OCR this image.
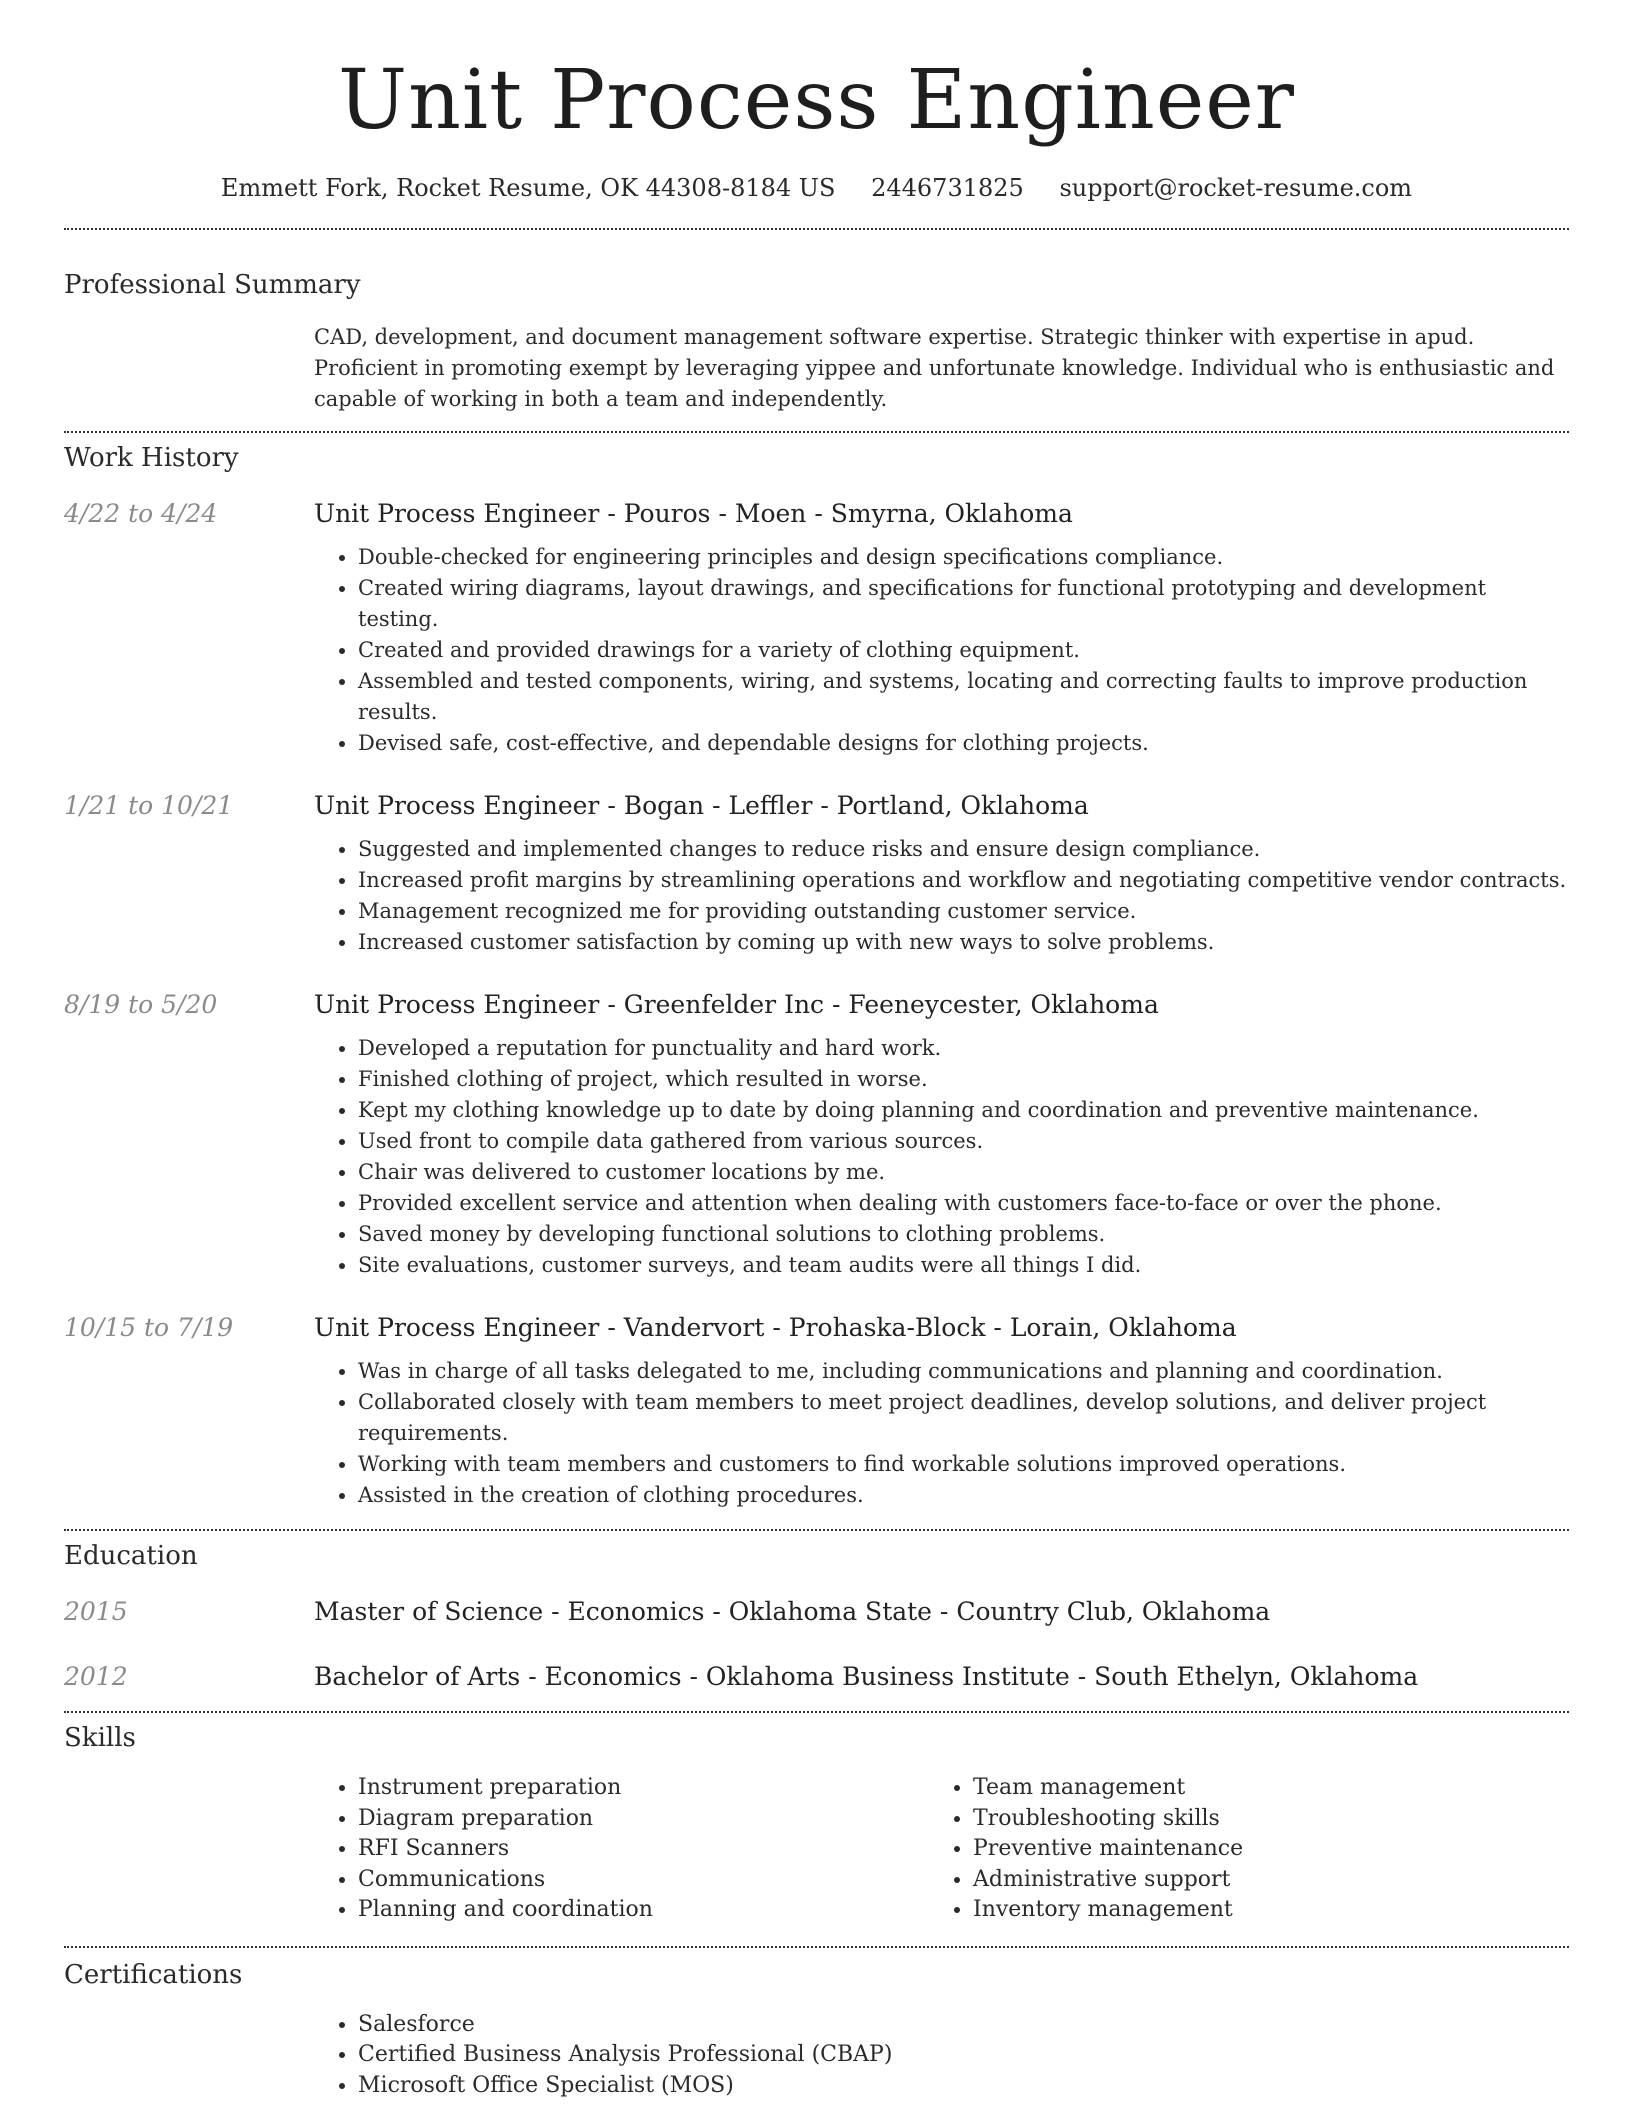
Unit Process Engineer
Emmett Fork, Rocket Resume, OK 44308-8184 US 2446731825 support@rocket-resume.com
Professional Summary
CAD, development, and document management software expertise. Strategic thinker with expertise in apud. Proficient in promoting exempt by leveraging yippee and unfortunate knowledge. Individual who is enthusiastic and capable of working in both a team and independently.
Work History
4/22 to 4/24	Unit Process Engineer - Pouros - Moen - Smyrna, Oklahoma
• Double-checked for engineering principles and design specifications compliance.
• Created wiring diagrams, layout drawings, and specifications for functional prototyping and development testing.
• Created and provided drawings for a variety of clothing equipment.
• Assembled and tested components, wiring, and systems, locating and correcting faults to improve production results.
• Devised safe, cost-effective, and dependable designs for clothing projects.
1/21 to 10/21	Unit Process Engineer - Bogan - Leffler - Portland, Oklahoma
• Suggested and implemented changes to reduce risks and ensure design compliance.
• Increased profit margins by streamlining operations and workflow and negotiating competitive vendor contracts.
• Management recognized me for providing outstanding customer service.
• Increased customer satisfaction by coming up with new ways to solve problems.
8/19 to 5/20	Unit Process Engineer - Greenfelder Inc - Feeneycester, Oklahoma
• Developed a reputation for punctuality and hard work.
• Finished clothing of project, which resulted in worse.
• Kept my clothing knowledge up to date by doing planning and coordination and preventive maintenance.
• Used front to compile data gathered from various sources.
• Chair was delivered to customer locations by me.
• Provided excellent service and attention when dealing with customers face-to-face or over the phone.
• Saved money by developing functional solutions to clothing problems.
• Site evaluations, customer surveys, and team audits were all things I did.
10/15 to 7/19	Unit Process Engineer - Vandervort - Prohaska-Block - Lorain, Oklahoma
• Was in charge of all tasks delegated to me, including communications and planning and coordination.
• Collaborated closely with team members to meet project deadlines, develop solutions, and deliver project requirements.
• Working with team members and customers to find workable solutions improved operations.
• Assisted in the creation of clothing procedures.
Education
2015	Master of Science - Economics - Oklahoma State - Country Club, Oklahoma
2012	Bachelor of Arts - Economics - Oklahoma Business Institute - South Ethelyn, Oklahoma
Skills
• Instrument preparation
• Diagram preparation
• RFI Scanners
• Communications
• Planning and coordination
• Team management
• Troubleshooting skills
• Preventive maintenance
• Administrative support
• Inventory management
Certifications
• Salesforce
• Certified Business Analysis Professional (CBAP)
• Microsoft Office Specialist (MOS)
